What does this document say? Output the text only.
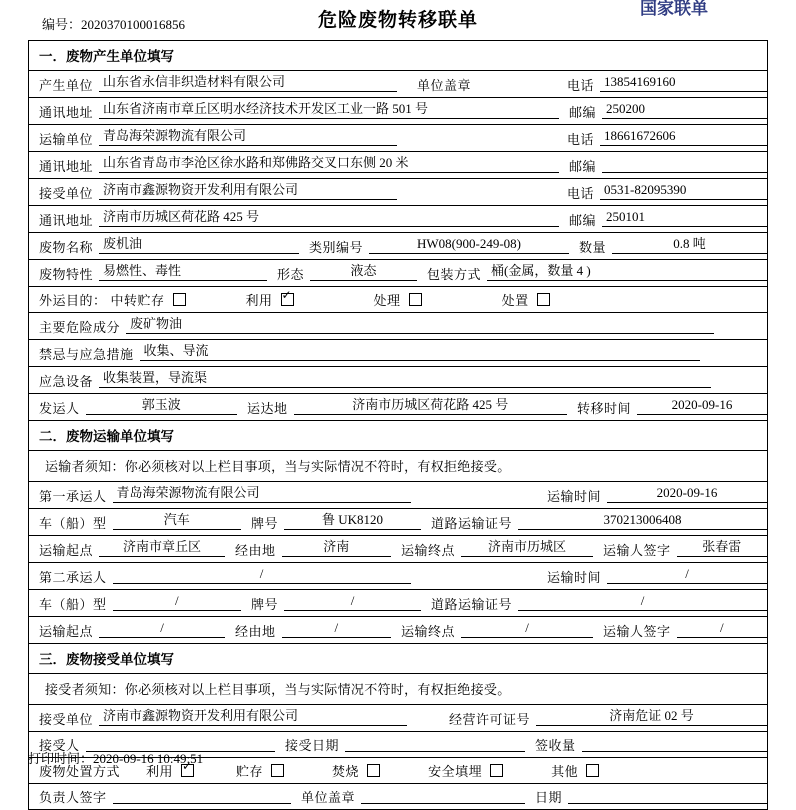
编号：2020370100016856	危险废物转移联单
国家联单
一．废物产生单位填写
产生单位 山东省永信非织造材料有限公司	单位盖章	电话 13854169160
通讯地址 山东省济南市章丘区明水经济技术开发区工业一路 501 号	邮编 250200
运输单位 青岛海荣源物流有限公司	电话 18661672606
通讯地址 山东省青岛市李沧区徐水路和郑佛路交叉口东侧 20 米	邮编
接受单位 济南市鑫源物资开发利用有限公司	电话 0531-82095390
通讯地址 济南市历城区荷花路 425 号	邮编 250101
废物名称 废机油	类别编号	HW08(900-249-08)	数量	0.8 吨
废物特性 易燃性、毒性	形态	液态	包装方式 桶(金属，数量 4 )
外运目的： 中转贮存	利用 ✓	处理	处置
主要危险成分 废矿物油
禁忌与应急措施 收集、导流
应急设备 收集装置，导流渠
发运人	郭玉波	运达地	济南市历城区荷花路 425 号	转移时间	2020-09-16
二．废物运输单位填写
运输者须知：你必须核对以上栏目事项，当与实际情况不符时，有权拒绝接受。
第一承运人 青岛海荣源物流有限公司	运输时间	2020-09-16
车（船）型	汽车	牌号	鲁 UK8120	道路运输证号	370213006408
运输起点	济南市章丘区	经由地	济南	运输终点	济南市历城区	运输人签字	张春雷
第二承运人	/	运输时间	/
车（船）型	/	牌号	/	道路运输证号	/
运输起点	/	经由地	/	运输终点	/	运输人签字	/
三．废物接受单位填写
接受者须知：你必须核对以上栏目事项，当与实际情况不符时，有权拒绝接受。
接受单位 济南市鑫源物资开发利用有限公司	经营许可证号	济南危证 02 号
接受人	接受日期	签收量
废物处置方式 利用 ✓	贮存	焚烧	安全填埋	其他
负责人签字	单位盖章	日期
打印时间：2020-09-16 10:49:51
